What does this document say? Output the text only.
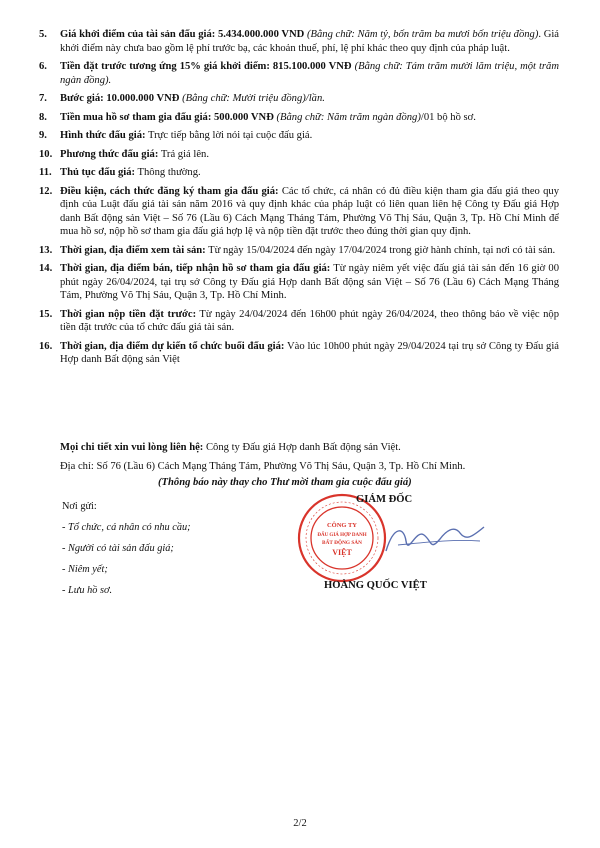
5. Giá khởi điểm của tài sản đấu giá: 5.434.000.000 VND (Bằng chữ: Năm tỷ, bốn trăm ba mươi bốn triệu đồng). Giá khởi điểm này chưa bao gồm lệ phí trước bạ, các khoản thuế, phí, lệ phí khác theo quy định của pháp luật.
6. Tiền đặt trước tương ứng 15% giá khởi điểm: 815.100.000 VNĐ (Bằng chữ: Tám trăm mười lăm triệu, một trăm ngàn đồng).
7. Bước giá: 10.000.000 VNĐ (Bằng chữ: Mười triệu đồng)/lần.
8. Tiền mua hồ sơ tham gia đấu giá: 500.000 VNĐ (Bằng chữ: Năm trăm ngàn đồng)/01 bộ hồ sơ.
9. Hình thức đấu giá: Trực tiếp bằng lời nói tại cuộc đấu giá.
10. Phương thức đấu giá: Trả giá lên.
11. Thủ tục đấu giá: Thông thường.
12. Điều kiện, cách thức đăng ký tham gia đấu giá: Các tổ chức, cá nhân có đủ điều kiện tham gia đấu giá theo quy định của Luật đấu giá tài sản năm 2016 và quy định khác của pháp luật có liên quan liên hệ Công ty Đấu giá Hợp danh Bất động sản Việt – Số 76 (Lầu 6) Cách Mạng Tháng Tám, Phường Võ Thị Sáu, Quận 3, Tp. Hồ Chí Minh để mua hồ sơ, nộp hồ sơ tham gia đấu giá hợp lệ và nộp tiền đặt trước theo đúng thời gian quy định.
13. Thời gian, địa điểm xem tài sản: Từ ngày 15/04/2024 đến ngày 17/04/2024 trong giờ hành chính, tại nơi có tài sản.
14. Thời gian, địa điểm bán, tiếp nhận hồ sơ tham gia đấu giá: Từ ngày niêm yết việc đấu giá tài sản đến 16 giờ 00 phút ngày 26/04/2024, tại trụ sở Công ty Đấu giá Hợp danh Bất động sản Việt – Số 76 (Lầu 6) Cách Mạng Tháng Tám, Phường Võ Thị Sáu, Quận 3, Tp. Hồ Chí Minh.
15. Thời gian nộp tiền đặt trước: Từ ngày 24/04/2024 đến 16h00 phút ngày 26/04/2024, theo thông báo về việc nộp tiền đặt trước của tổ chức đấu giá tài sản.
16. Thời gian, địa điểm dự kiến tổ chức buổi đấu giá: Vào lúc 10h00 phút ngày 29/04/2024 tại trụ sở Công ty Đấu giá Hợp danh Bất động sản Việt
Mọi chi tiết xin vui lòng liên hệ: Công ty Đấu giá Hợp danh Bất động sản Việt.
Địa chỉ: Số 76 (Lầu 6) Cách Mạng Tháng Tám, Phường Võ Thị Sáu, Quận 3, Tp. Hồ Chí Minh.
(Thông báo này thay cho Thư mời tham gia cuộc đấu giá)
Nơi gửi:
- Tổ chức, cá nhân có nhu cầu;
- Người có tài sản đấu giá;
- Niêm yết;
- Lưu hồ sơ.
CÔNG TY
ĐẤU GIÁ HỢP DANH
BẤT ĐỘNG SẢN
VIỆT
GIÁM ĐỐC
HOÀNG QUỐC VIỆT
2/2
